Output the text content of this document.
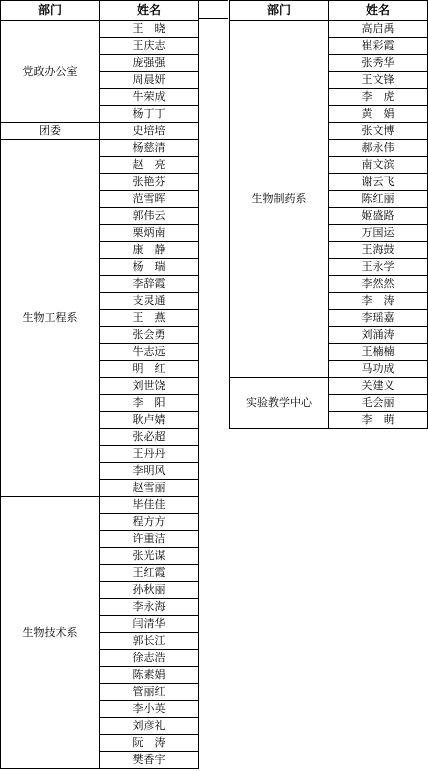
部门	姓名
党政办公室	王　晓
	王庆志
	庞强强
	周晨妍
	牛荣成
	杨丁丁
团委	史培培
生物工程系	杨慈清
	赵　亮
	张艳芬
	范雪晖
	郭伟云
	栗炳南
	康　静
	杨　瑞
	李辞霞
	支灵通
	王　燕
	张会勇
	牛志远
	明　红
	刘世饶
	李　阳
	耿卢婧
	张必超
	王丹丹
	李明风
	赵雪丽
生物技术系	毕佳佳
	程方方
	许重洁
	张光谋
	王红霞
	孙秋丽
	李永海
	闫清华
	郭长江
	徐志浩
	陈素娟
	管丽红
	李小英
	刘彦礼
	阮　涛
	樊香宇
部门	姓名
生物制药系	高启禹
	崔彩霞
	张秀华
	王文锋
	李　虎
	黄　娟
	张文博
	郝永伟
	南文滨
	谢云飞
	陈红丽
	姬盛路
	万国运
	王海鼓
	王永学
	李然然
	李　涛
	李瑶嘉
	刘涌涛
	王楠楠
	马功成
实验教学中心	关建义
	毛会丽
	李　萌
